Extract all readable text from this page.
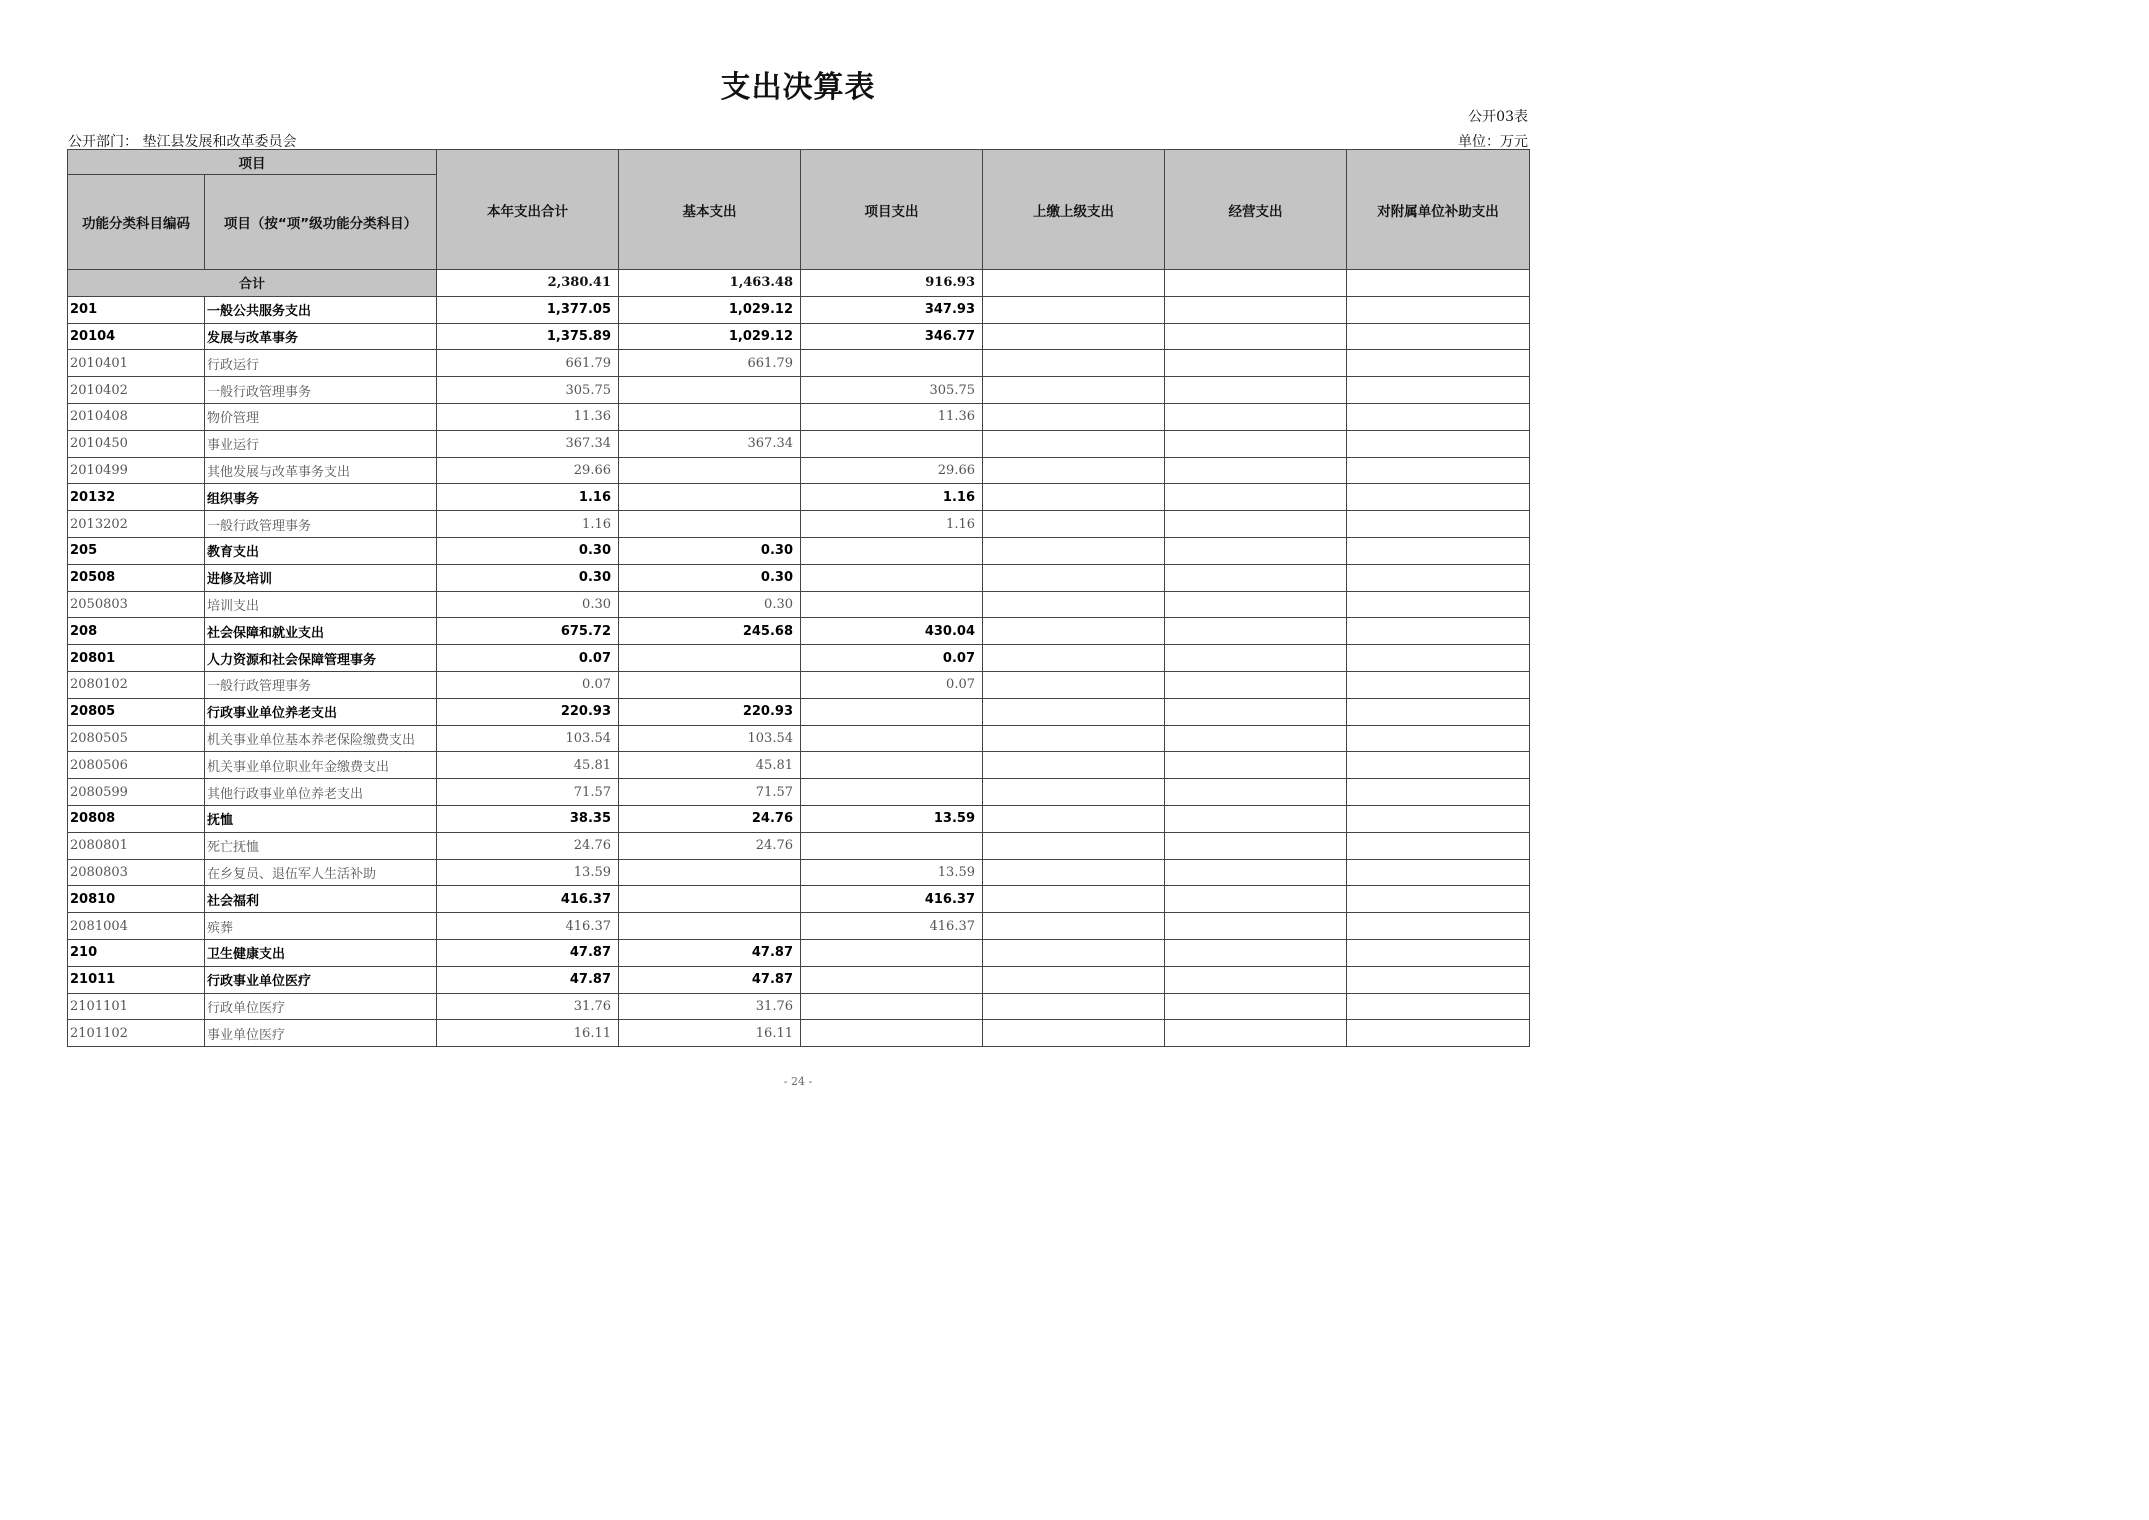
支出决算表
公开03表
公开部门： 垫江县发展和改革委员会	单位：万元
项目		本年支出合计	基本支出	项目支出	上缴上级支出	经营支出	对附属单位补助支出
功能分类科目编码	项目（按“项”级功能分类科目）						
合计		2,380.41	1,463.48	916.93			
201	一般公共服务支出	1,377.05	1,029.12	347.93			
20104	发展与改革事务	1,375.89	1,029.12	346.77			
2010401	行政运行	661.79	661.79				
2010402	一般行政管理事务	305.75		305.75			
2010408	物价管理	11.36		11.36			
2010450	事业运行	367.34	367.34				
2010499	其他发展与改革事务支出	29.66		29.66			
20132	组织事务	1.16		1.16			
2013202	一般行政管理事务	1.16		1.16			
205	教育支出	0.30	0.30				
20508	进修及培训	0.30	0.30				
2050803	培训支出	0.30	0.30				
208	社会保障和就业支出	675.72	245.68	430.04			
20801	人力资源和社会保障管理事务	0.07		0.07			
2080102	一般行政管理事务	0.07		0.07			
20805	行政事业单位养老支出	220.93	220.93				
2080505	机关事业单位基本养老保险缴费支出	103.54	103.54				
2080506	机关事业单位职业年金缴费支出	45.81	45.81				
2080599	其他行政事业单位养老支出	71.57	71.57				
20808	抚恤	38.35	24.76	13.59			
2080801	死亡抚恤	24.76	24.76				
2080803	在乡复员、退伍军人生活补助	13.59		13.59			
20810	社会福利	416.37		416.37			
2081004	殡葬	416.37		416.37			
210	卫生健康支出	47.87	47.87				
21011	行政事业单位医疗	47.87	47.87				
2101101	行政单位医疗	31.76	31.76				
2101102	事业单位医疗	16.11	16.11				
- 24 -
